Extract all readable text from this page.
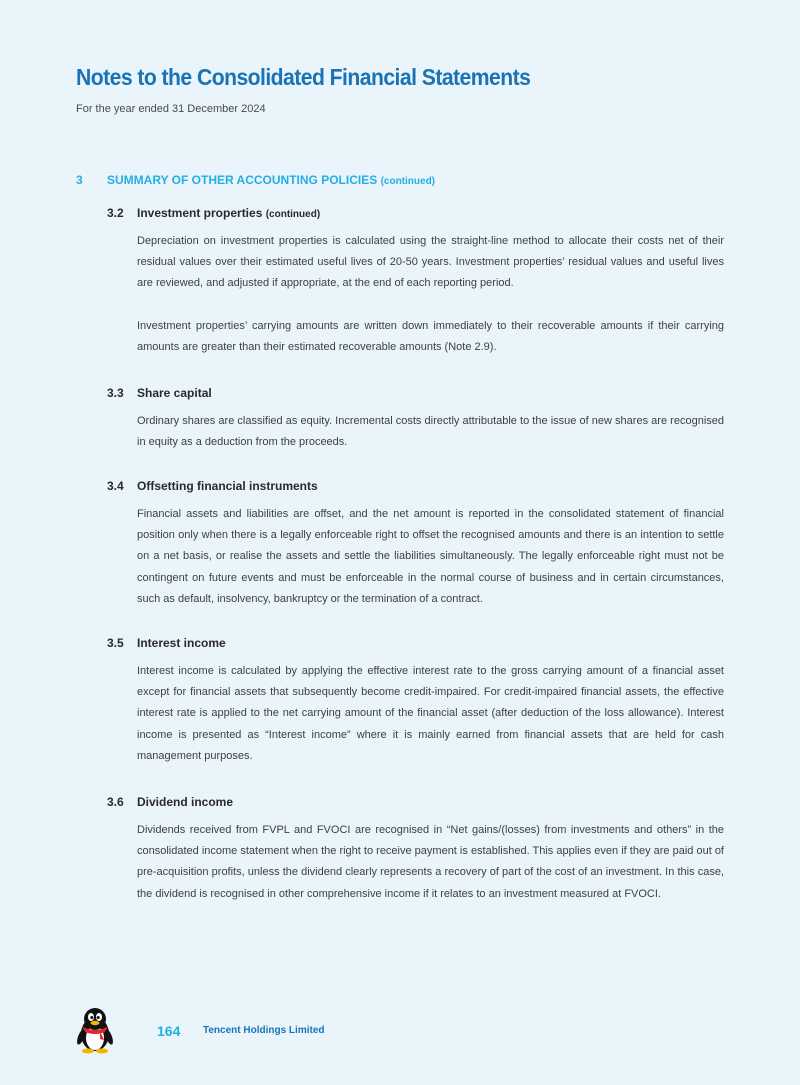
Notes to the Consolidated Financial Statements
For the year ended 31 December 2024
3 SUMMARY OF OTHER ACCOUNTING POLICIES (continued)
3.2 Investment properties (continued)

Depreciation on investment properties is calculated using the straight-line method to allocate their costs net of their residual values over their estimated useful lives of 20-50 years. Investment properties’ residual values and useful lives are reviewed, and adjusted if appropriate, at the end of each reporting period.

Investment properties’ carrying amounts are written down immediately to their recoverable amounts if their carrying amounts are greater than their estimated recoverable amounts (Note 2.9).

3.3 Share capital

Ordinary shares are classified as equity. Incremental costs directly attributable to the issue of new shares are recognised in equity as a deduction from the proceeds.

3.4 Offsetting financial instruments

Financial assets and liabilities are offset, and the net amount is reported in the consolidated statement of financial position only when there is a legally enforceable right to offset the recognised amounts and there is an intention to settle on a net basis, or realise the assets and settle the liabilities simultaneously. The legally enforceable right must not be contingent on future events and must be enforceable in the normal course of business and in certain circumstances, such as default, insolvency, bankruptcy or the termination of a contract.

3.5 Interest income

Interest income is calculated by applying the effective interest rate to the gross carrying amount of a financial asset except for financial assets that subsequently become credit-impaired. For credit-impaired financial assets, the effective interest rate is applied to the net carrying amount of the financial asset (after deduction of the loss allowance). Interest income is presented as “Interest income” where it is mainly earned from financial assets that are held for cash management purposes.

3.6 Dividend income

Dividends received from FVPL and FVOCI are recognised in “Net gains/(losses) from investments and others” in the consolidated income statement when the right to receive payment is established. This applies even if they are paid out of pre-acquisition profits, unless the dividend clearly represents a recovery of part of the cost of an investment. In this case, the dividend is recognised in other comprehensive income if it relates to an investment measured at FVOCI.

164 Tencent Holdings Limited
